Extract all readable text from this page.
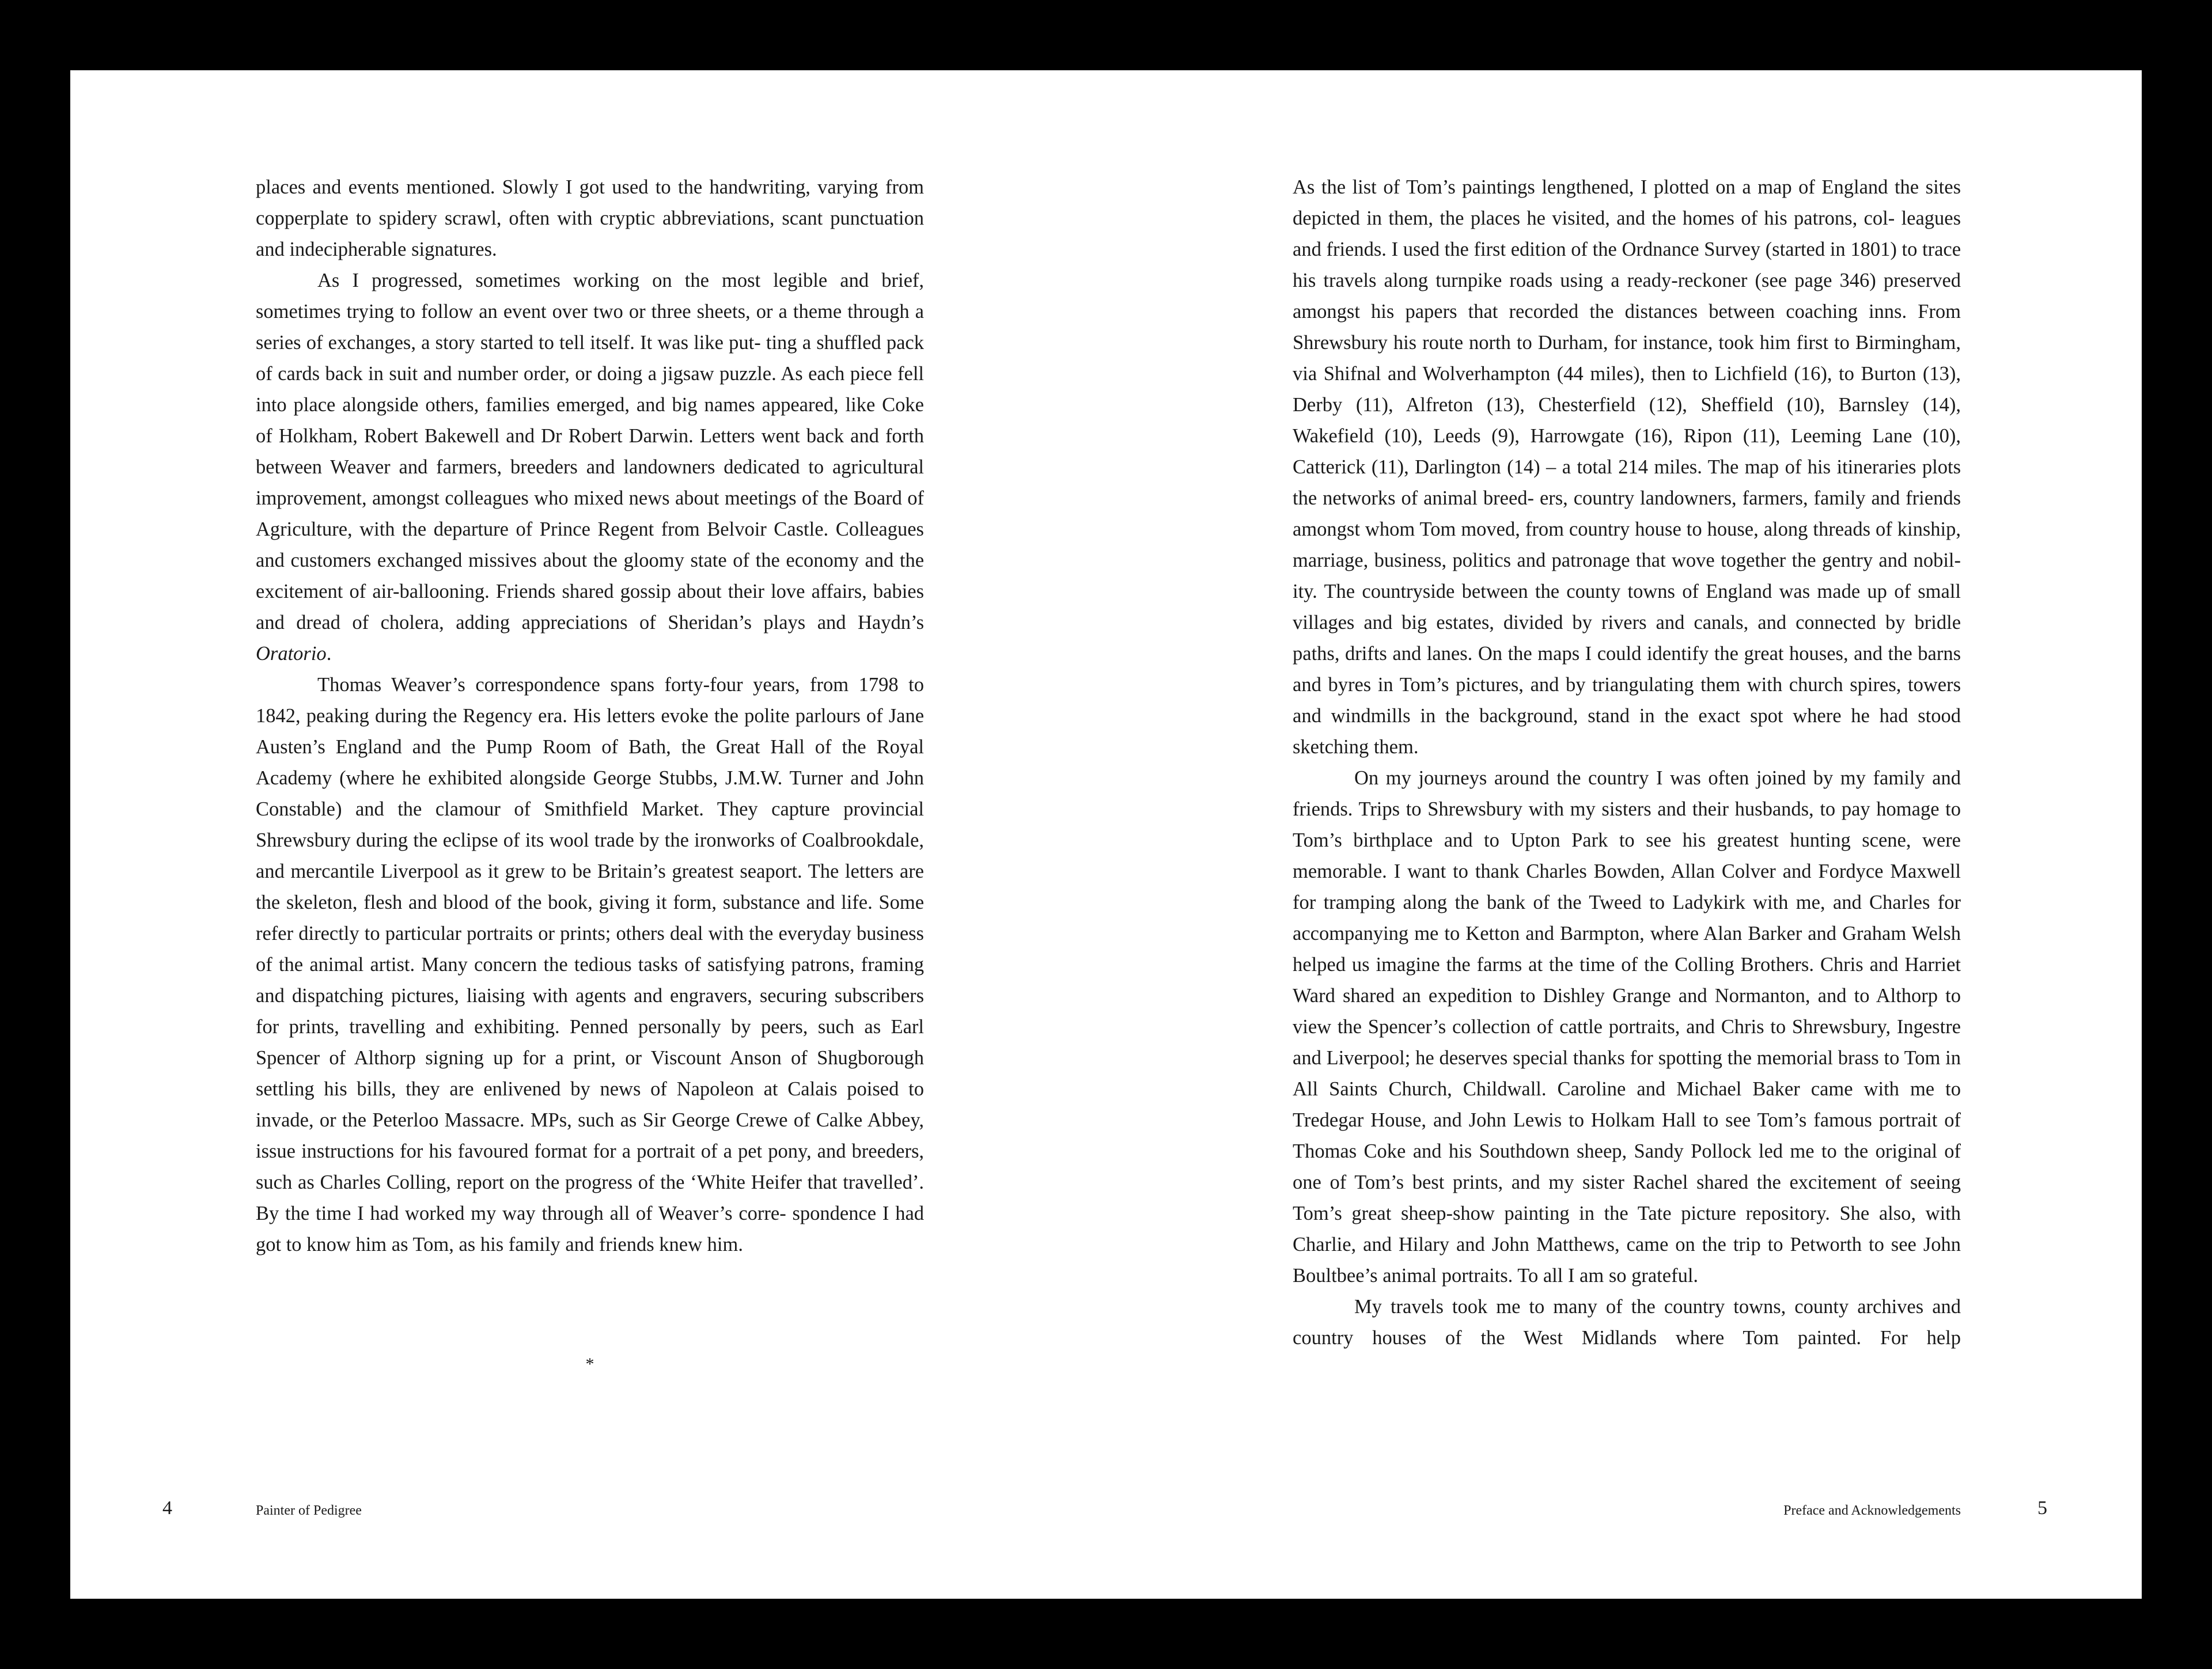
places and events mentioned. Slowly I got used to the handwriting, varying from copperplate to spidery scrawl, often with cryptic abbreviations, scant punctuation and indecipherable signatures.

As I progressed, sometimes working on the most legible and brief, sometimes trying to follow an event over two or three sheets, or a theme through a series of exchanges, a story started to tell itself. It was like put- ting a shuffled pack of cards back in suit and number order, or doing a jigsaw puzzle. As each piece fell into place alongside others, families emerged, and big names appeared, like Coke of Holkham, Robert Bakewell and Dr Robert Darwin. Letters went back and forth between Weaver and farmers, breeders and landowners dedicated to agricultural improvement, amongst colleagues who mixed news about meetings of the Board of Agriculture, with the departure of Prince Regent from Belvoir Castle. Colleagues and customers exchanged missives about the gloomy state of the economy and the excitement of air-ballooning. Friends shared gossip about their love affairs, babies and dread of cholera, adding appreciations of Sheridan’s plays and Haydn’s Oratorio.

Thomas Weaver’s correspondence spans forty-four years, from 1798 to 1842, peaking during the Regency era. His letters evoke the polite parlours of Jane Austen’s England and the Pump Room of Bath, the Great Hall of the Royal Academy (where he exhibited alongside George Stubbs, J.M.W. Turner and John Constable) and the clamour of Smithfield Market. They capture provincial Shrewsbury during the eclipse of its wool trade by the ironworks of Coalbrookdale, and mercantile Liverpool as it grew to be Britain’s greatest seaport. The letters are the skeleton, flesh and blood of the book, giving it form, substance and life. Some refer directly to particular portraits or prints; others deal with the everyday business of the animal artist. Many concern the tedious tasks of satisfying patrons, framing and dispatching pictures, liaising with agents and engravers, securing subscribers for prints, travelling and exhibiting. Penned personally by peers, such as Earl Spencer of Althorp signing up for a print, or Viscount Anson of Shugborough settling his bills, they are enlivened by news of Napoleon at Calais poised to invade, or the Peterloo Massacre. MPs, such as Sir George Crewe of Calke Abbey, issue instructions for his favoured format for a portrait of a pet pony, and breeders, such as Charles Colling, report on the progress of the ‘White Heifer that travelled’. By the time I had worked my way through all of Weaver’s corre- spondence I had got to know him as Tom, as his family and friends knew him.

*
4	Painter of Pedigree

As the list of Tom’s paintings lengthened, I plotted on a map of England the sites depicted in them, the places he visited, and the homes of his patrons, col- leagues and friends. I used the first edition of the Ordnance Survey (started in 1801) to trace his travels along turnpike roads using a ready-reckoner (see page 346) preserved amongst his papers that recorded the distances between coaching inns. From Shrewsbury his route north to Durham, for instance, took him first to Birmingham, via Shifnal and Wolverhampton (44 miles), then to Lichfield (16), to Burton (13), Derby (11), Alfreton (13), Chesterfield (12), Sheffield (10), Barnsley (14), Wakefield (10), Leeds (9), Harrowgate (16), Ripon (11), Leeming Lane (10), Catterick (11), Darlington (14) – a total 214 miles. The map of his itineraries plots the networks of animal breed- ers, country landowners, farmers, family and friends amongst whom Tom moved, from country house to house, along threads of kinship, marriage, business, politics and patronage that wove together the gentry and nobil- ity. The countryside between the county towns of England was made up of small villages and big estates, divided by rivers and canals, and connected by bridle paths, drifts and lanes. On the maps I could identify the great houses, and the barns and byres in Tom’s pictures, and by triangulating them with church spires, towers and windmills in the background, stand in the exact spot where he had stood sketching them.

On my journeys around the country I was often joined by my family and friends. Trips to Shrewsbury with my sisters and their husbands, to pay homage to Tom’s birthplace and to Upton Park to see his greatest hunting scene, were memorable. I want to thank Charles Bowden, Allan Colver and Fordyce Maxwell for tramping along the bank of the Tweed to Ladykirk with me, and Charles for accompanying me to Ketton and Barmpton, where Alan Barker and Graham Welsh helped us imagine the farms at the time of the Colling Brothers. Chris and Harriet Ward shared an expedition to Dishley Grange and Normanton, and to Althorp to view the Spencer’s collection of cattle portraits, and Chris to Shrewsbury, Ingestre and Liverpool; he deserves special thanks for spotting the memorial brass to Tom in All Saints Church, Childwall. Caroline and Michael Baker came with me to Tredegar House, and John Lewis to Holkam Hall to see Tom’s famous portrait of Thomas Coke and his Southdown sheep, Sandy Pollock led me to the original of one of Tom’s best prints, and my sister Rachel shared the excitement of seeing Tom’s great sheep-show painting in the Tate picture repository. She also, with Charlie, and Hilary and John Matthews, came on the trip to Petworth to see John Boultbee’s animal portraits. To all I am so grateful.

My travels took me to many of the country towns, county archives and country houses of the West Midlands where Tom painted. For help

Preface and Acknowledgements	5
